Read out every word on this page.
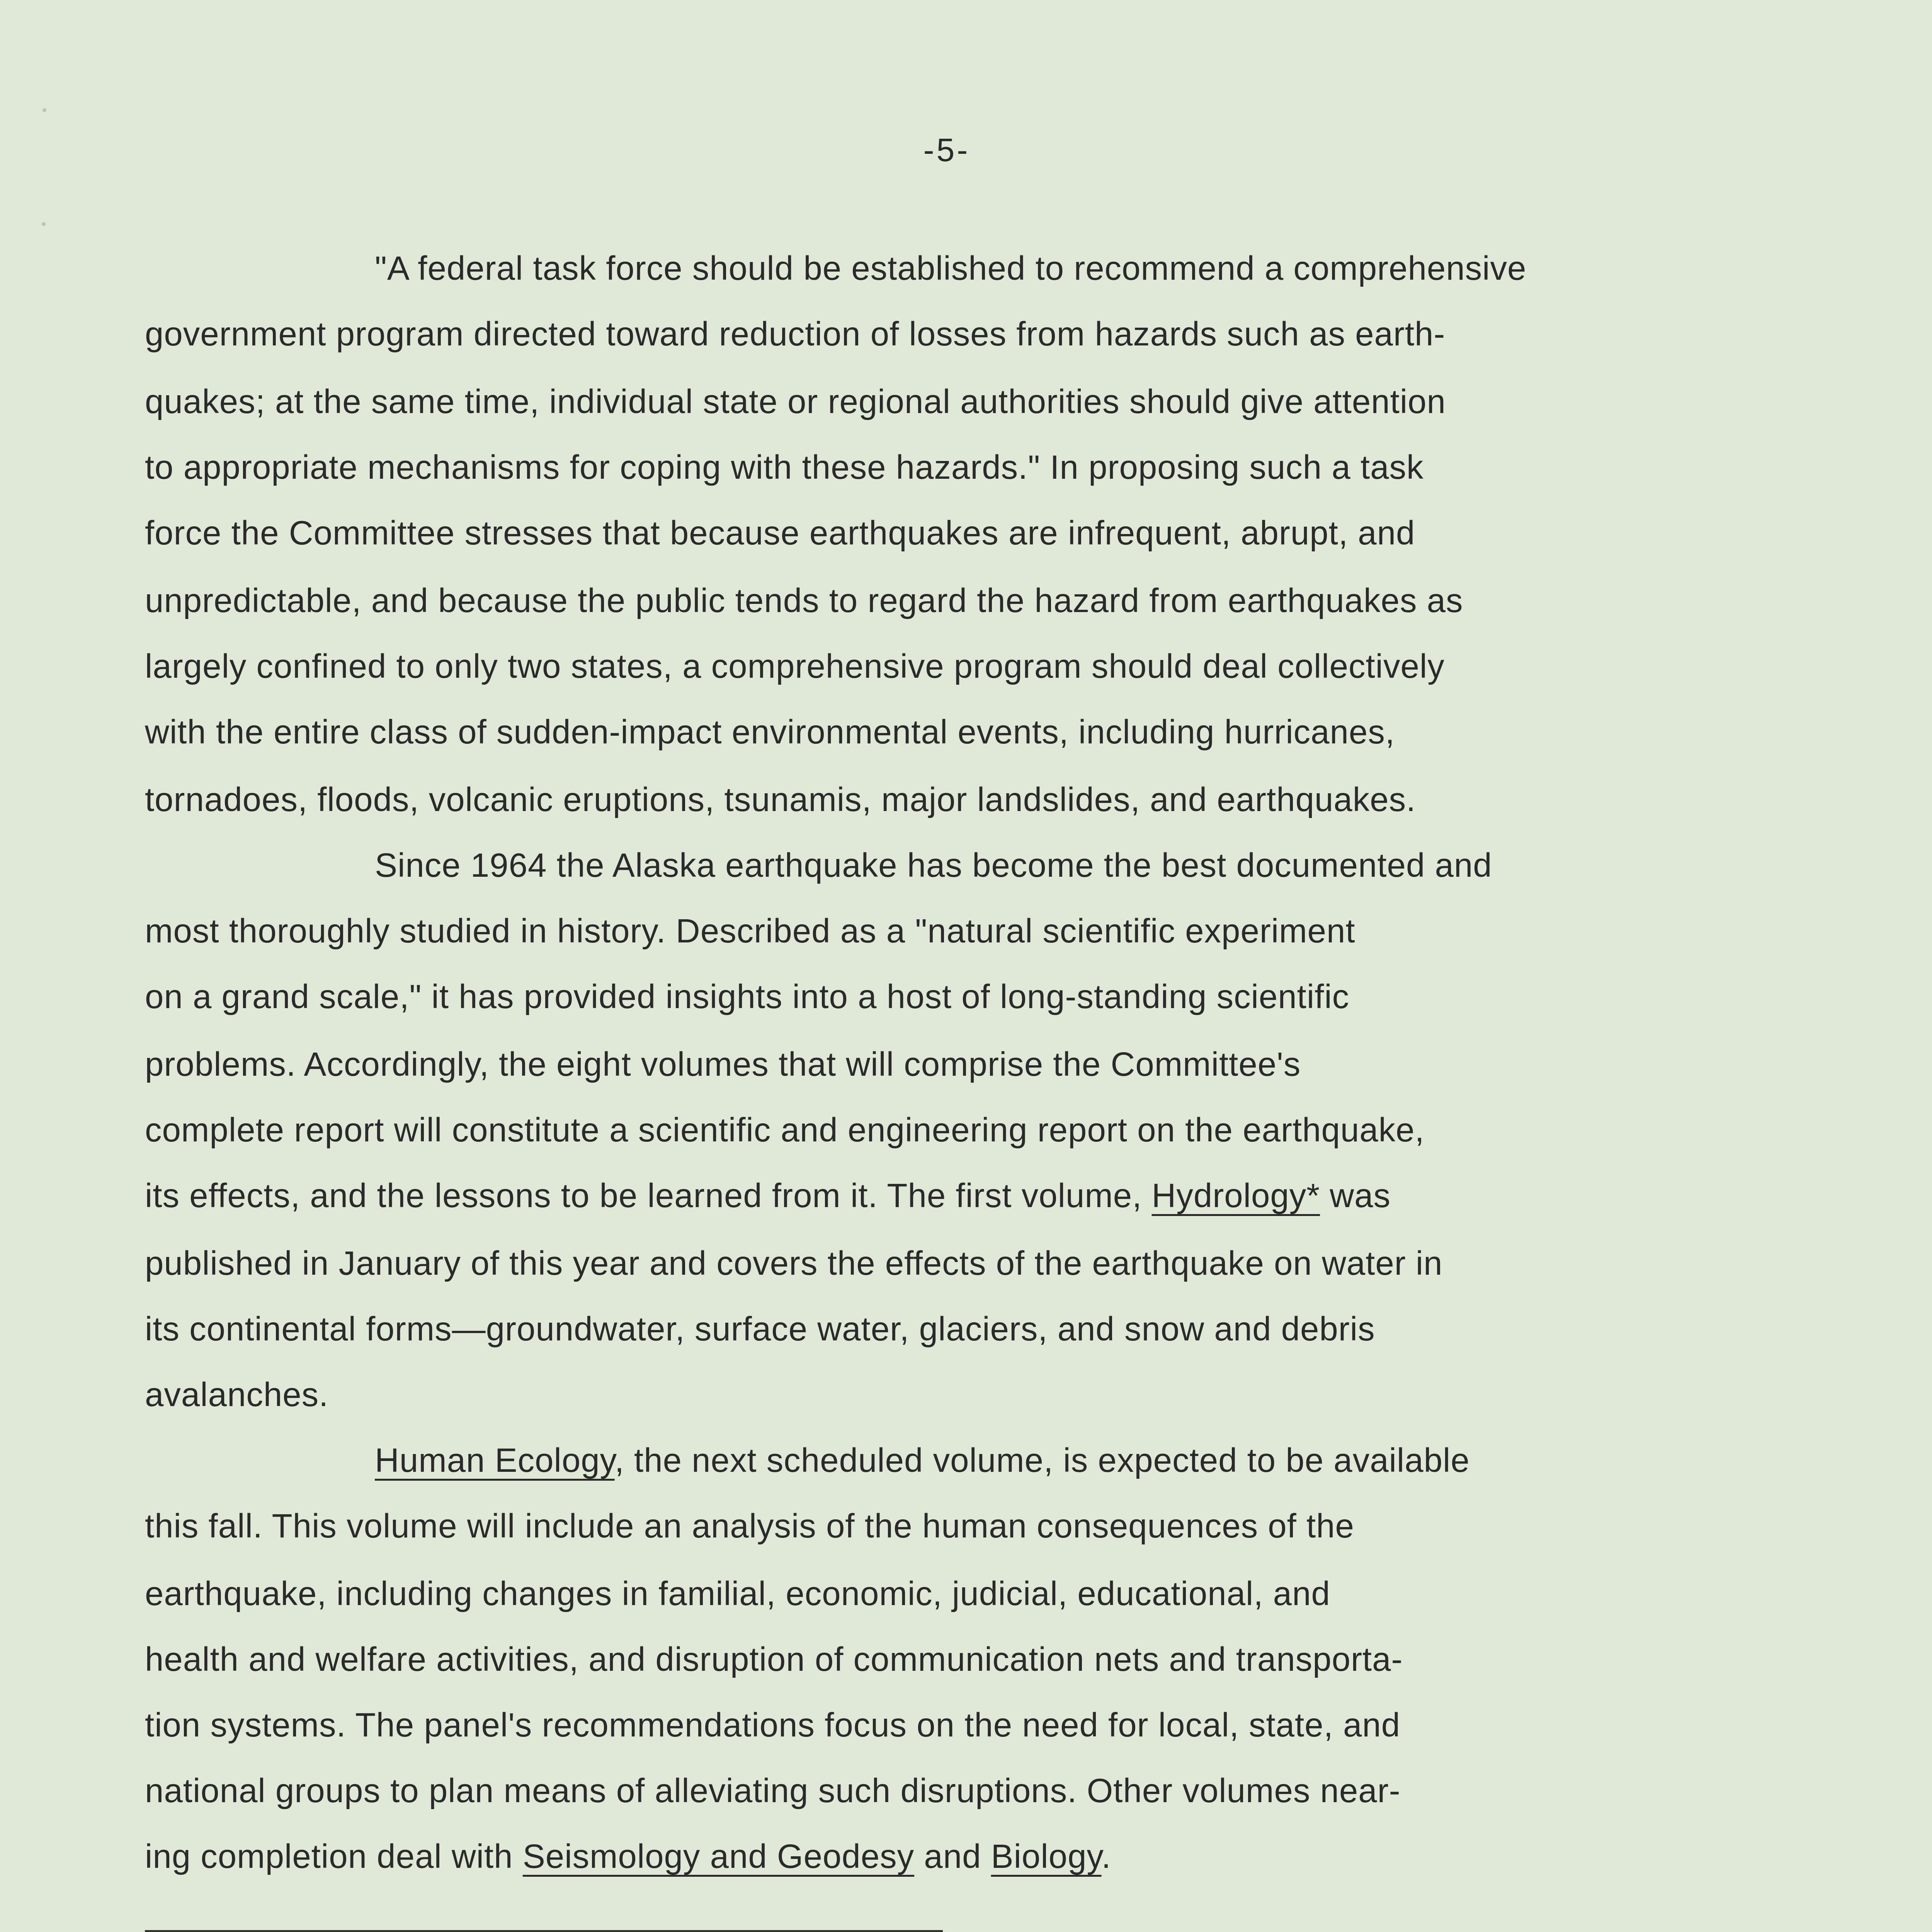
-5-
"A federal task force should be established to recommend a comprehensive
government program directed toward reduction of losses from hazards such as earth-
quakes; at the same time, individual state or regional authorities should give attention
to appropriate mechanisms for coping with these hazards." In proposing such a task
force the Committee stresses that because earthquakes are infrequent, abrupt, and
unpredictable, and because the public tends to regard the hazard from earthquakes as
largely confined to only two states, a comprehensive program should deal collectively
with the entire class of sudden-impact environmental events, including hurricanes,
tornadoes, floods, volcanic eruptions, tsunamis, major landslides, and earthquakes.
Since 1964 the Alaska earthquake has become the best documented and
most thoroughly studied in history. Described as a "natural scientific experiment
on a grand scale," it has provided insights into a host of long-standing scientific
problems. Accordingly, the eight volumes that will comprise the Committee's
complete report will constitute a scientific and engineering report on the earthquake,
its effects, and the lessons to be learned from it. The first volume, Hydrology* was
published in January of this year and covers the effects of the earthquake on water in
its continental forms—groundwater, surface water, glaciers, and snow and debris
avalanches.
Human Ecology, the next scheduled volume, is expected to be available
this fall. This volume will include an analysis of the human consequences of the
earthquake, including changes in familial, economic, judicial, educational, and
health and welfare activities, and disruption of communication nets and transporta-
tion systems. The panel's recommendations focus on the need for local, state, and
national groups to plan means of alleviating such disruptions. Other volumes near-
ing completion deal with Seismology and Geodesy and Biology.
